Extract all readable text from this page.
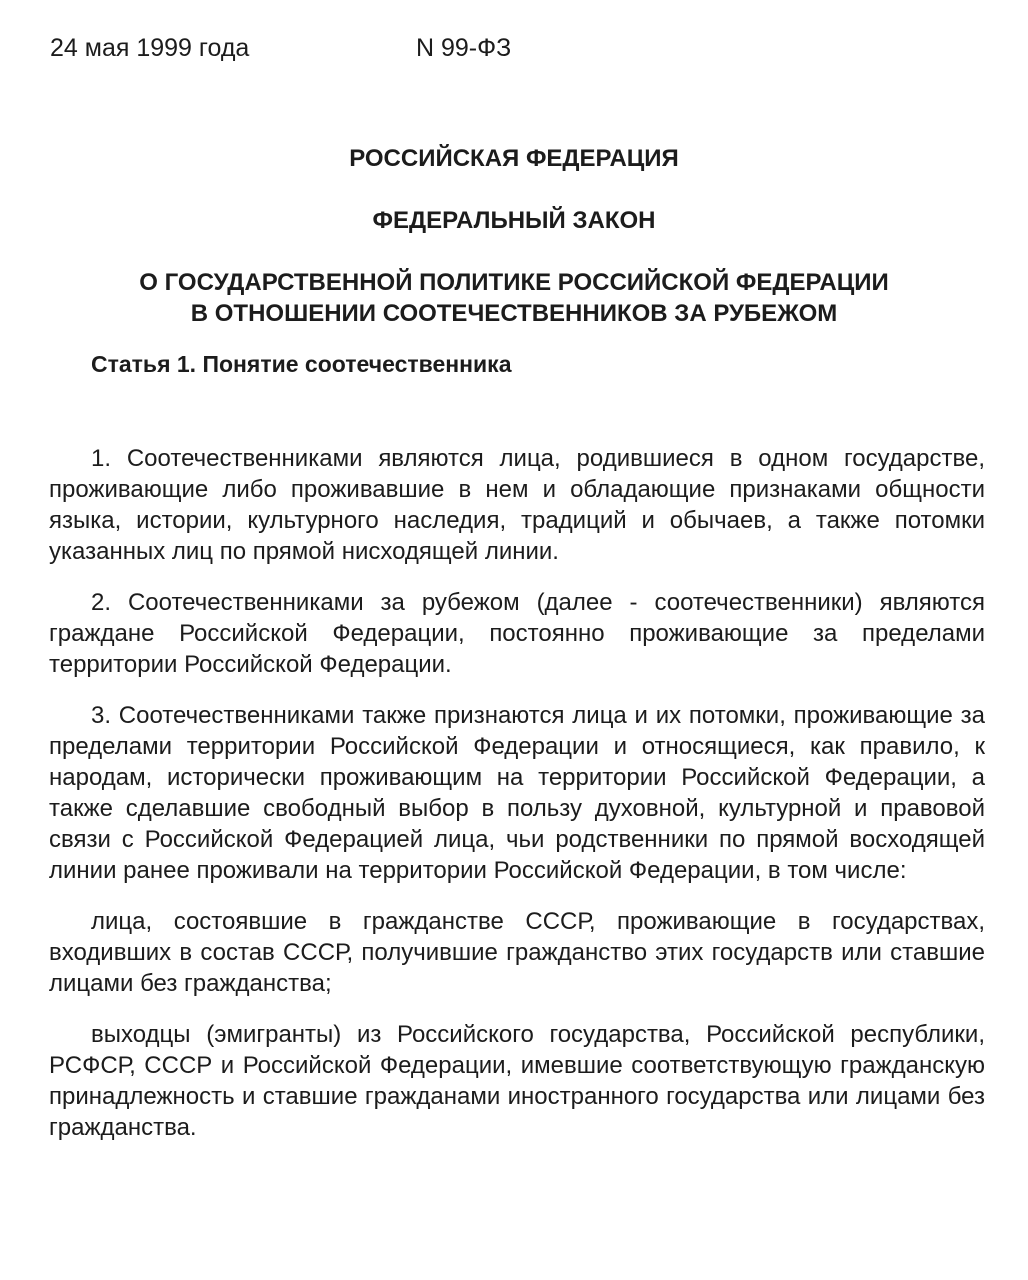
24 мая 1999 года	N 99-ФЗ
РОССИЙСКАЯ ФЕДЕРАЦИЯ
ФЕДЕРАЛЬНЫЙ ЗАКОН
О ГОСУДАРСТВЕННОЙ ПОЛИТИКЕ РОССИЙСКОЙ ФЕДЕРАЦИИ
В ОТНОШЕНИИ СООТЕЧЕСТВЕННИКОВ ЗА РУБЕЖОМ
Статья 1. Понятие соотечественника

1. Соотечественниками являются лица, родившиеся в одном государстве, проживающие либо проживавшие в нем и обладающие признаками общности языка, истории, культурного наследия, традиций и обычаев, а также потомки указанных лиц по прямой нисходящей линии.

2. Соотечественниками за рубежом (далее - соотечественники) являются граждане Российской Федерации, постоянно проживающие за пределами территории Российской Федерации.

3. Соотечественниками также признаются лица и их потомки, проживающие за пределами территории Российской Федерации и относящиеся, как правило, к народам, исторически проживающим на территории Российской Федерации, а также сделавшие свободный выбор в пользу духовной, культурной и правовой связи с Российской Федерацией лица, чьи родственники по прямой восходящей линии ранее проживали на территории Российской Федерации, в том числе:

лица, состоявшие в гражданстве СССР, проживающие в государствах, входивших в состав СССР, получившие гражданство этих государств или ставшие лицами без гражданства;

выходцы (эмигранты) из Российского государства, Российской республики, РСФСР, СССР и Российской Федерации, имевшие соответствующую гражданскую принадлежность и ставшие гражданами иностранного государства или лицами без гражданства.
